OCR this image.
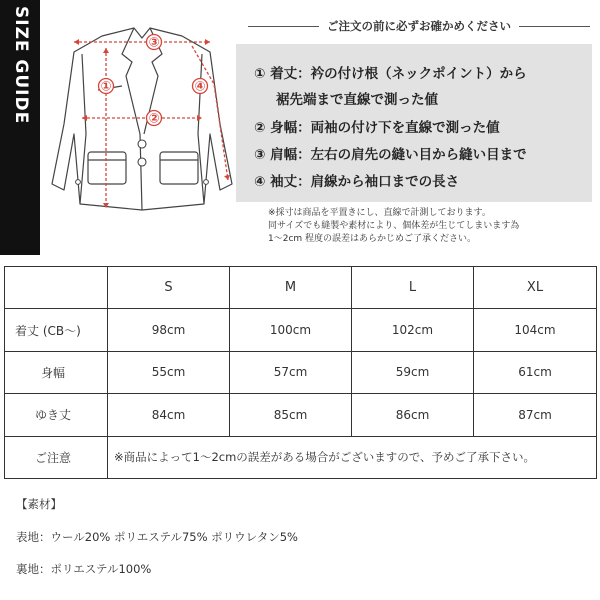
SIZE GUIDE	③
①
②
④
ご注文の前に必ずお確かめください
① 着丈：衿の付け根（ネックポイント）から
裾先端まで直線で測った値
② 身幅：両袖の付け下を直線で測った値
③ 肩幅：左右の肩先の縫い目から縫い目まで
④ 袖丈：肩線から袖口までの長さ
※採寸は商品を平置きにし、直線で計測しております。
同サイズでも縫製や素材により、個体差が生じてしまいます為
1〜2cm 程度の誤差はあらかじめご了承ください。
	S	M	L	XL
着丈 (CB〜)	98cm	100cm	102cm	104cm
身幅	55cm	57cm	59cm	61cm
ゆき丈	84cm	85cm	86cm	87cm
ご注意	※商品によって1〜2cmの誤差がある場合がございますので、予めご了承下さい。			
【素材】
表地：ウール20% ポリエステル75% ポリウレタン5%
裏地：ポリエステル100%
